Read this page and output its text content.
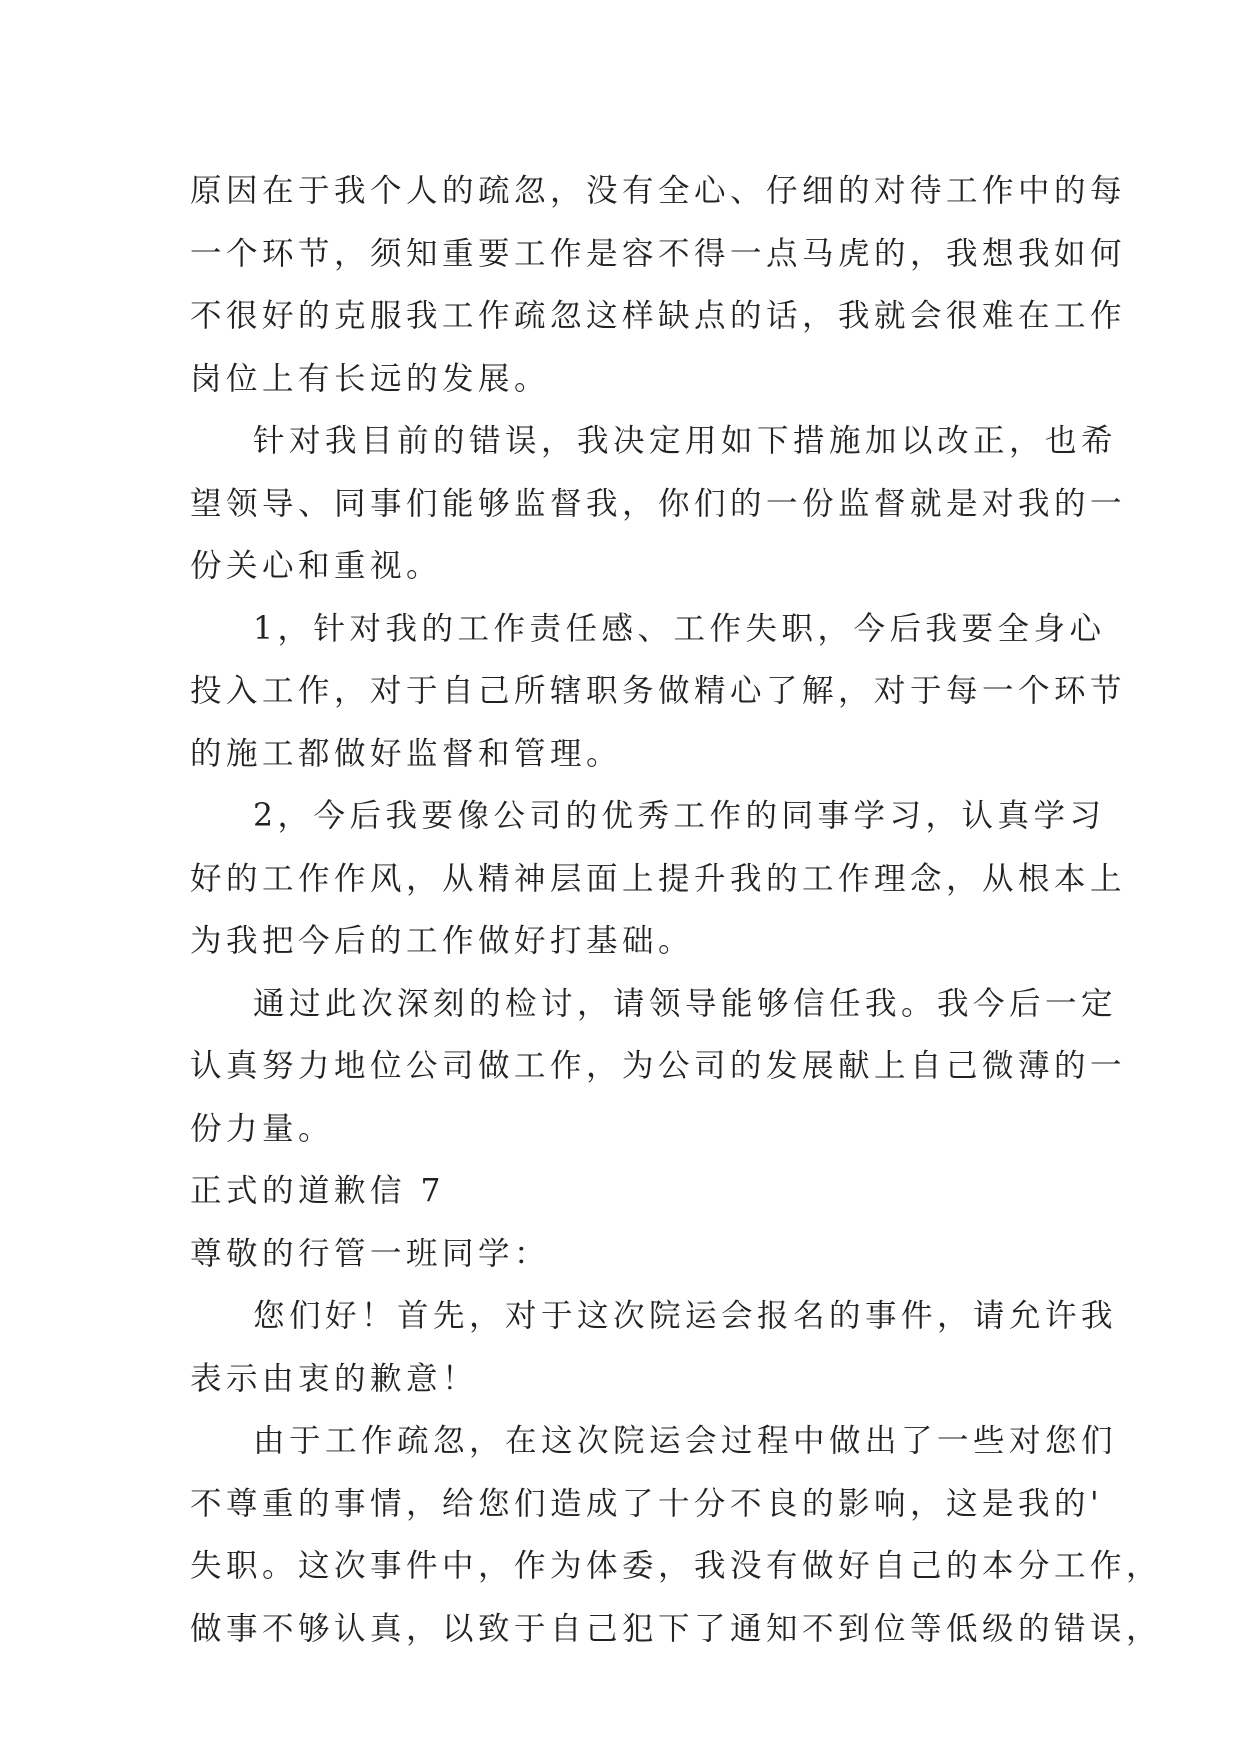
原因在于我个人的疏忽，没有全心、仔细的对待工作中的每
一个环节，须知重要工作是容不得一点马虎的，我想我如何
不很好的克服我工作疏忽这样缺点的话，我就会很难在工作
岗位上有长远的发展。
针对我目前的错误，我决定用如下措施加以改正，也希
望领导、同事们能够监督我，你们的一份监督就是对我的一
份关心和重视。
1，针对我的工作责任感、工作失职，今后我要全身心
投入工作，对于自己所辖职务做精心了解，对于每一个环节
的施工都做好监督和管理。
2，今后我要像公司的优秀工作的同事学习，认真学习
好的工作作风，从精神层面上提升我的工作理念，从根本上
为我把今后的工作做好打基础。
通过此次深刻的检讨，请领导能够信任我。我今后一定
认真努力地位公司做工作，为公司的发展献上自己微薄的一
份力量。
正式的道歉信 7
尊敬的行管一班同学：
您们好！首先，对于这次院运会报名的事件，请允许我
表示由衷的歉意！
由于工作疏忽，在这次院运会过程中做出了一些对您们
不尊重的事情，给您们造成了十分不良的影响，这是我的'
失职。这次事件中，作为体委，我没有做好自己的本分工作，
做事不够认真，以致于自己犯下了通知不到位等低级的错误，
